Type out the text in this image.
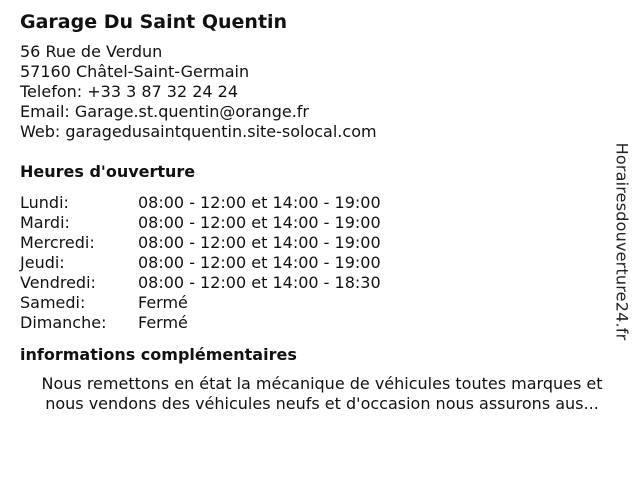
Garage Du Saint Quentin
56 Rue de Verdun
57160 Châtel-Saint-Germain
Telefon: +33 3 87 32 24 24
Email: Garage.st.quentin@orange.fr
Web: garagedusaintquentin.site-solocal.com
Heures d'ouverture
Lundi:	08:00 - 12:00 et 14:00 - 19:00
Mardi:	08:00 - 12:00 et 14:00 - 19:00
Mercredi:	08:00 - 12:00 et 14:00 - 19:00
Jeudi:	08:00 - 12:00 et 14:00 - 19:00
Vendredi:	08:00 - 12:00 et 14:00 - 18:30
Samedi:	Fermé
Dimanche:	Fermé
informations complémentaires
Nous remettons en état la mécanique de véhicules toutes marques et
nous vendons des véhicules neufs et d'occasion nous assurons aus...
Horairesdouverture24.fr
